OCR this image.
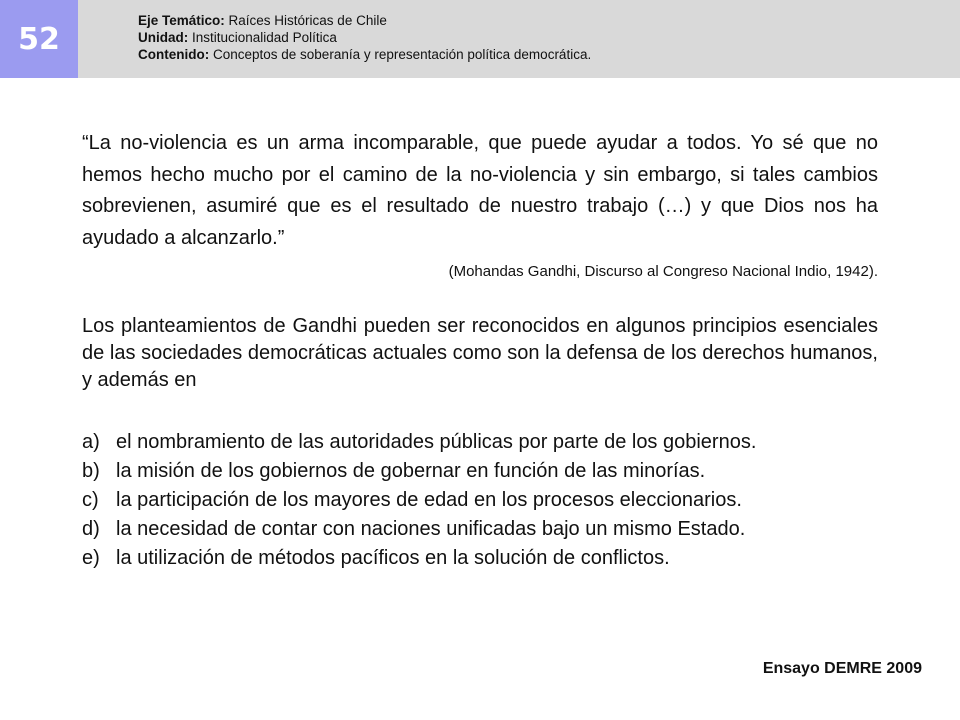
52
Eje Temático: Raíces Históricas de Chile
Unidad: Institucionalidad Política
Contenido: Conceptos de soberanía y representación política democrática.
“La no-violencia es un arma incomparable, que puede ayudar a todos. Yo sé que no hemos hecho mucho por el camino de la no-violencia y sin embargo, si tales cambios sobrevienen, asumiré que es el resultado de nuestro trabajo (…) y que Dios nos ha ayudado a alcanzarlo.”
(Mohandas Gandhi, Discurso al Congreso Nacional Indio, 1942).
Los planteamientos de Gandhi pueden ser reconocidos en algunos principios esenciales de las sociedades democráticas actuales como son la defensa de los derechos humanos, y además en
a) el nombramiento de las autoridades públicas por parte de los gobiernos.
b) la misión de los gobiernos de gobernar en función de las minorías.
c) la participación de los mayores de edad en los procesos eleccionarios.
d) la necesidad de contar con naciones unificadas bajo un mismo Estado.
e) la utilización de métodos pacíficos en la solución de conflictos.
Ensayo DEMRE 2009
